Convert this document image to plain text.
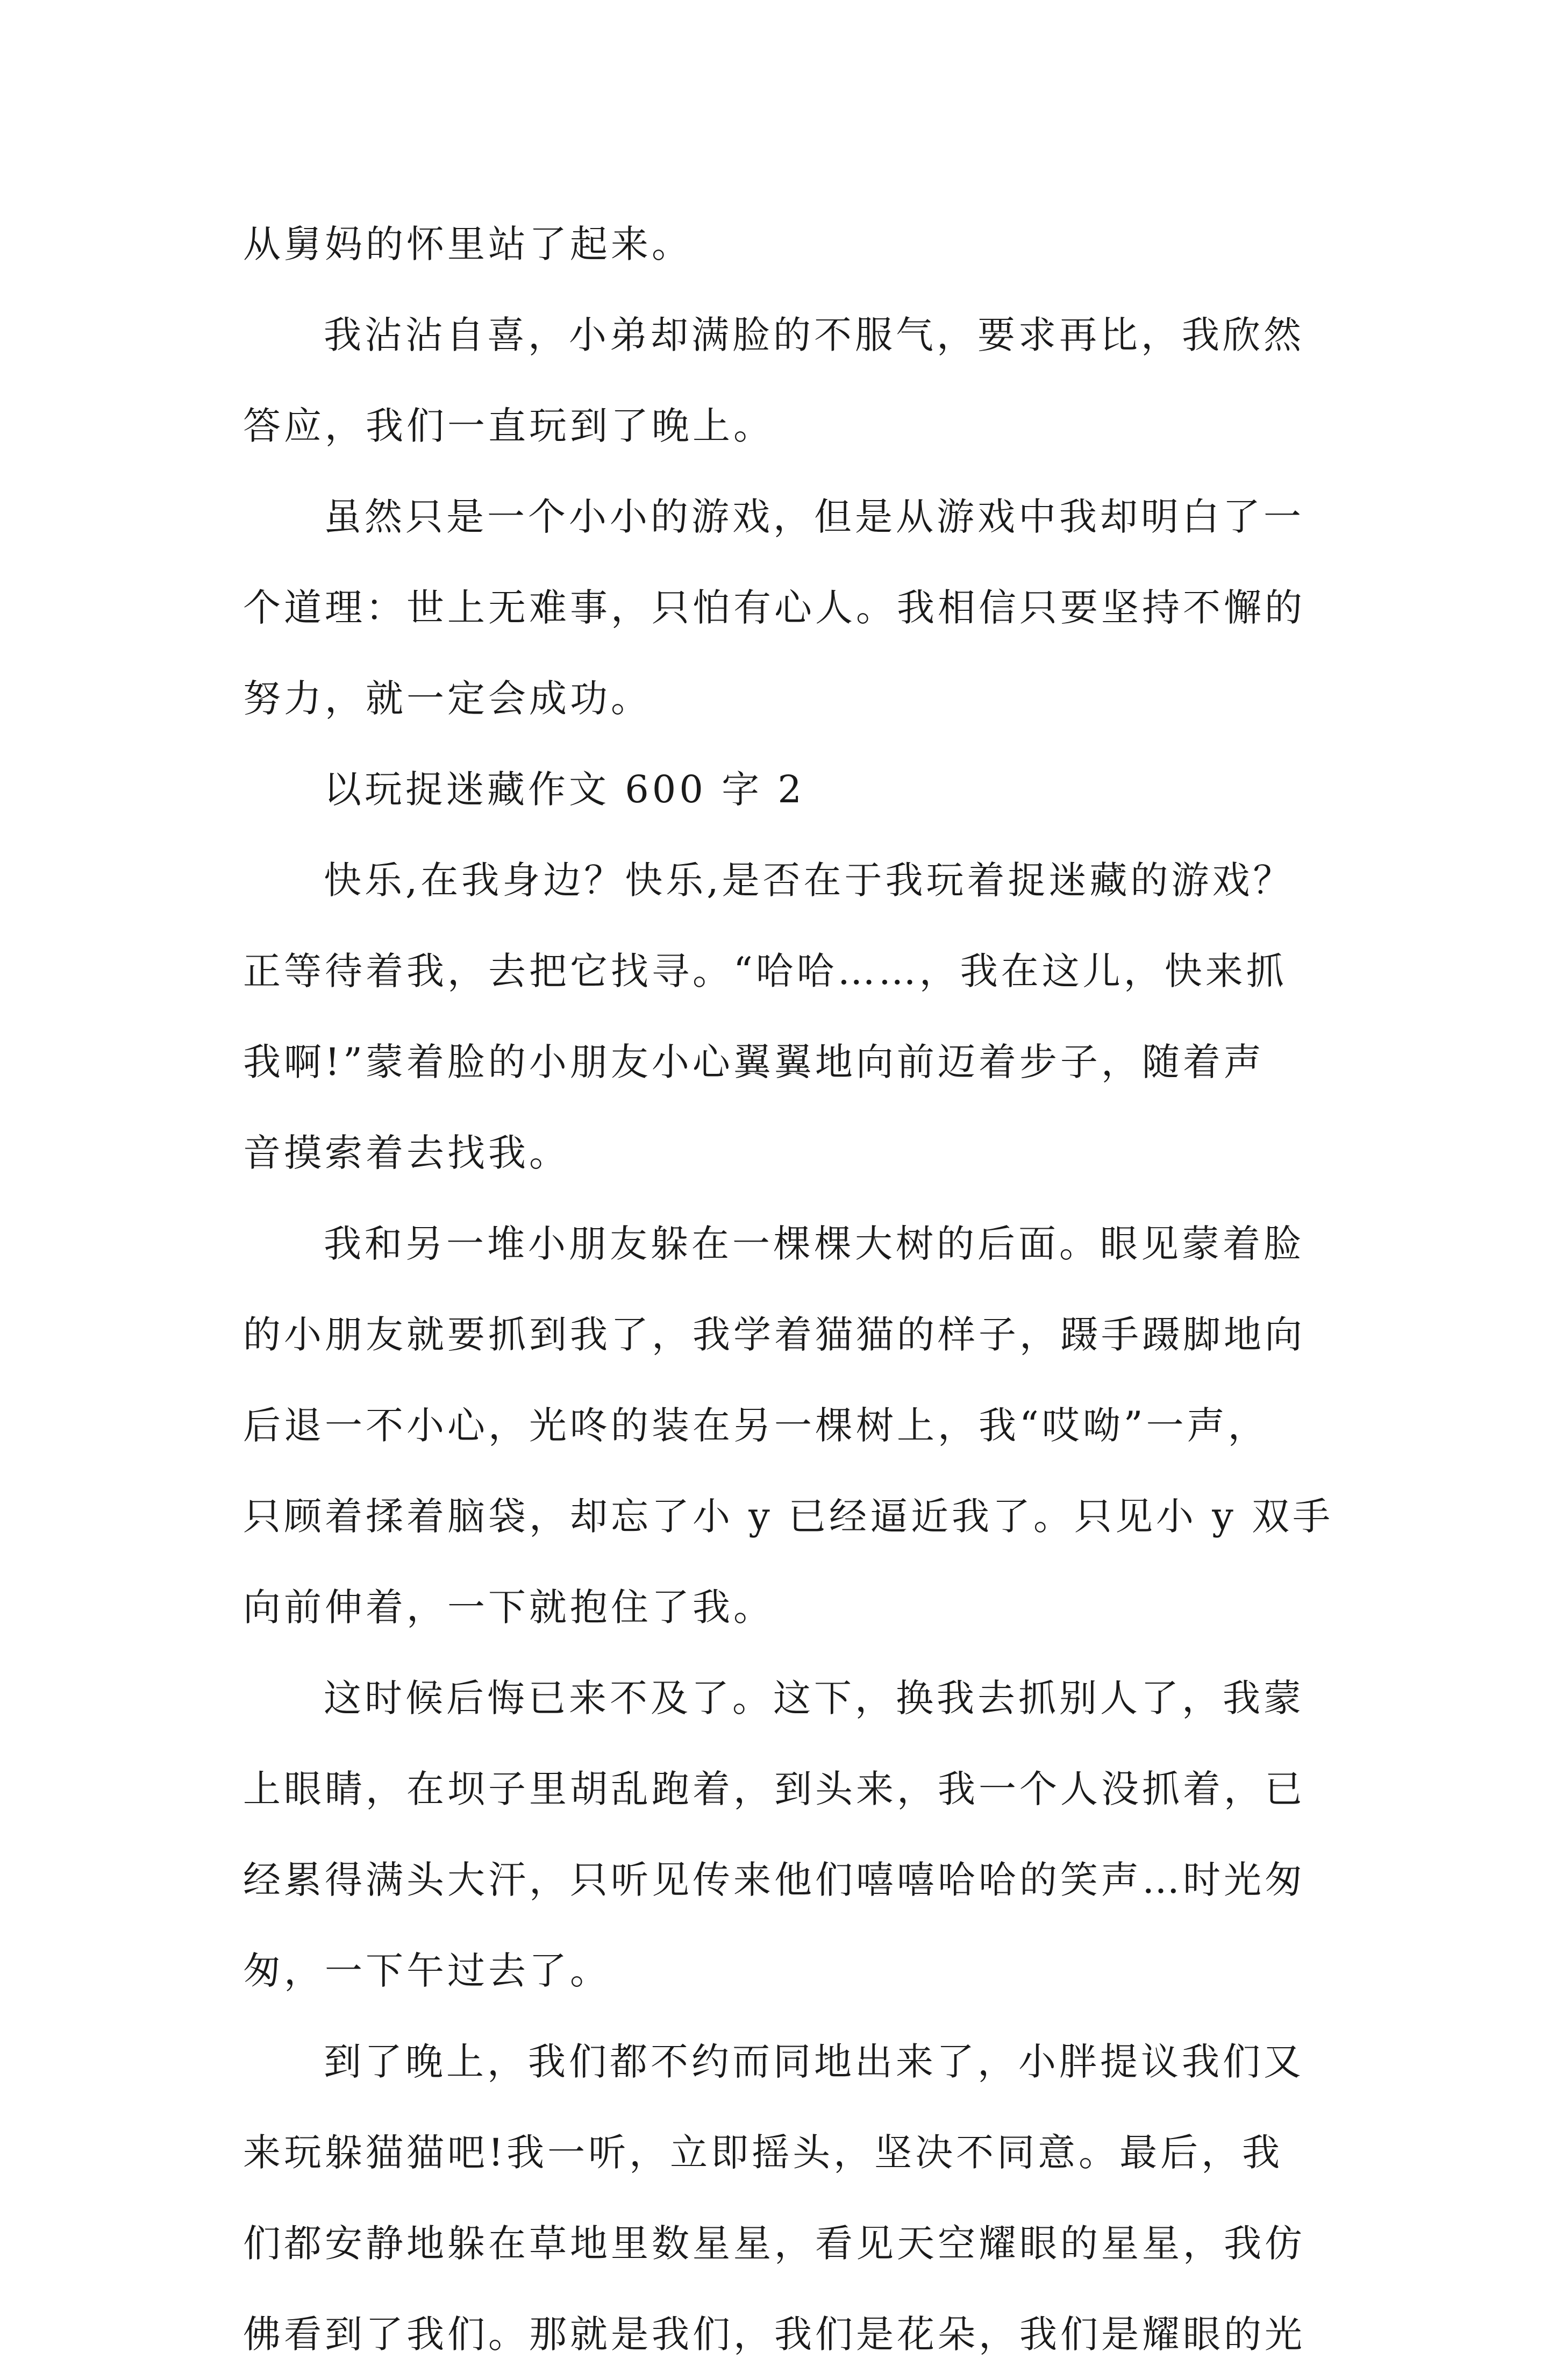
从舅妈的怀里站了起来。
我沾沾自喜，小弟却满脸的不服气，要求再比，我欣然
答应，我们一直玩到了晚上。
虽然只是一个小小的游戏，但是从游戏中我却明白了一
个道理：世上无难事，只怕有心人。我相信只要坚持不懈的
努力，就一定会成功。
以玩捉迷藏作文 600 字 2
快乐,在我身边？快乐,是否在于我玩着捉迷藏的游戏？
正等待着我，去把它找寻。“哈哈……，我在这儿，快来抓
我啊!”蒙着脸的小朋友小心翼翼地向前迈着步子，随着声
音摸索着去找我。
我和另一堆小朋友躲在一棵棵大树的后面。眼见蒙着脸
的小朋友就要抓到我了，我学着猫猫的样子，蹑手蹑脚地向
后退一不小心，光咚的装在另一棵树上，我“哎呦”一声，
只顾着揉着脑袋，却忘了小 y 已经逼近我了。只见小 y 双手
向前伸着，一下就抱住了我。
这时候后悔已来不及了。这下，换我去抓别人了，我蒙
上眼睛，在坝子里胡乱跑着，到头来，我一个人没抓着，已
经累得满头大汗，只听见传来他们嘻嘻哈哈的笑声…时光匆
匆，一下午过去了。
到了晚上，我们都不约而同地出来了，小胖提议我们又
来玩躲猫猫吧!我一听，立即摇头，坚决不同意。最后，我
们都安静地躲在草地里数星星，看见天空耀眼的星星，我仿
佛看到了我们。那就是我们，我们是花朵，我们是耀眼的光
